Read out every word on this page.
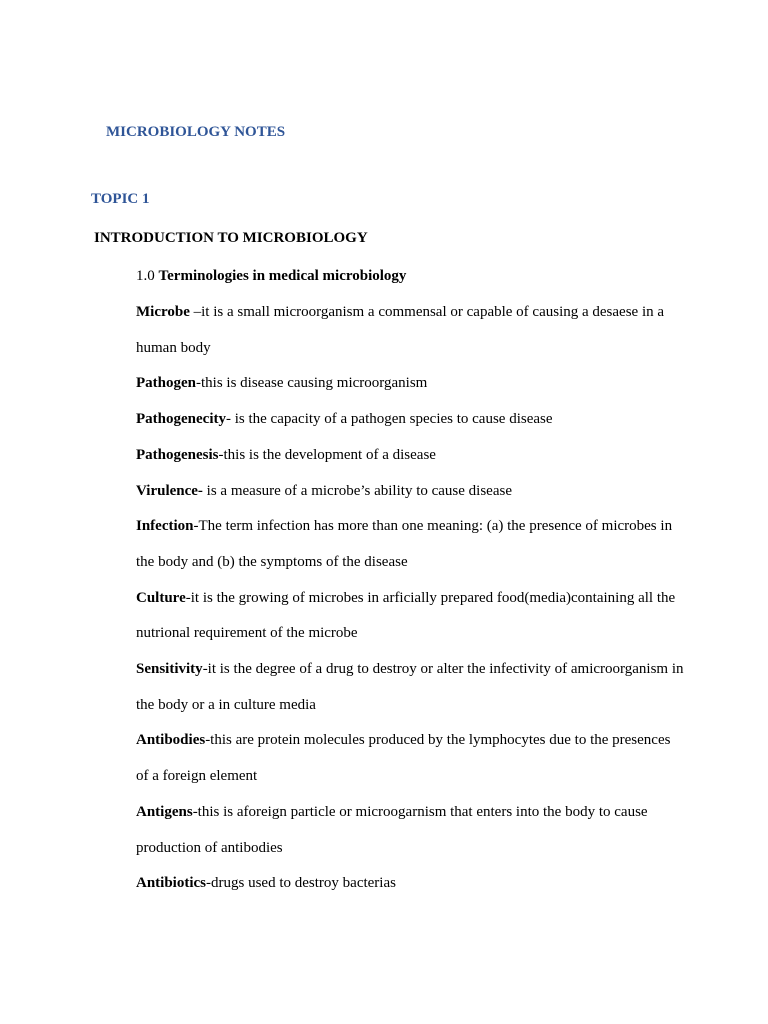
MICROBIOLOGY NOTES
TOPIC 1
INTRODUCTION TO MICROBIOLOGY
1.0 Terminologies in medical microbiology

Microbe –it is a small microorganism a commensal or capable of causing a desaese in a human body

Pathogen-this is disease causing microorganism

Pathogenecity- is the capacity of a pathogen species to cause disease

Pathogenesis-this is the development of a disease

Virulence- is a measure of a microbe’s ability to cause disease

Infection-The term infection has more than one meaning: (a) the presence of microbes in the body and (b) the symptoms of the disease

Culture-it is the growing of microbes in arficially prepared food(media)containing all the nutrional requirement of the microbe

Sensitivity-it is the degree of a drug to destroy or alter the infectivity of amicroorganism in the body or a in culture media

Antibodies-this are protein molecules produced by the lymphocytes due to the presences of a foreign element

Antigens-this is aforeign particle or microogarnism that enters into the body to cause production of antibodies

Antibiotics-drugs used to destroy bacterias
